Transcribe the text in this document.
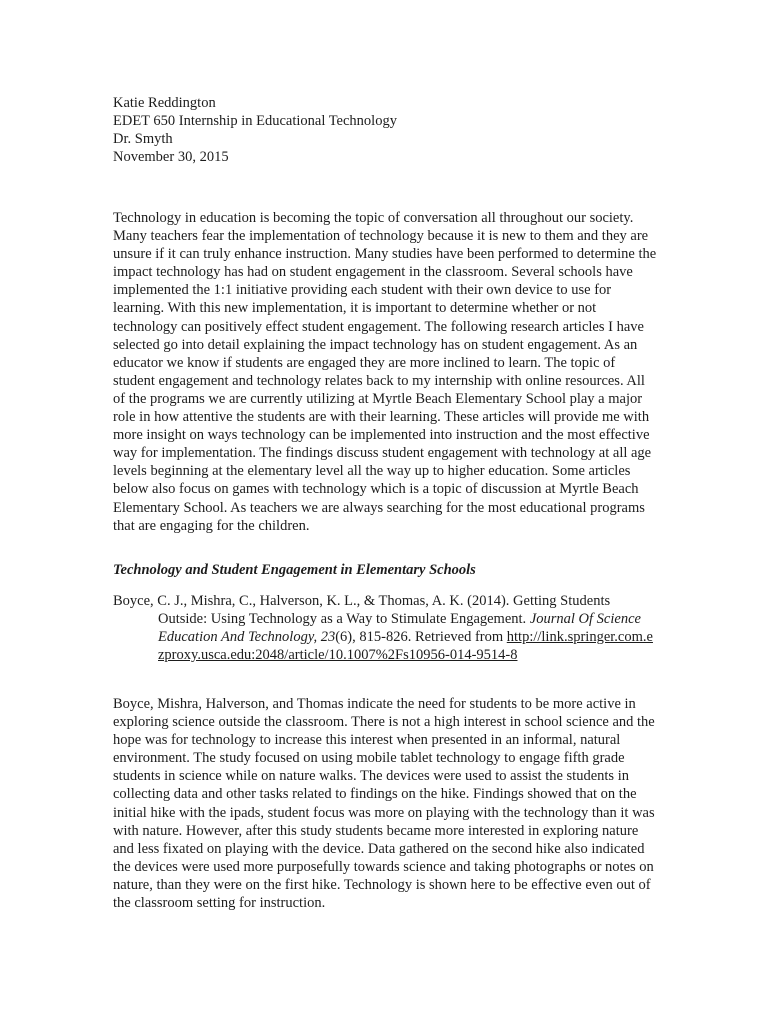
Katie Reddington
EDET 650 Internship in Educational Technology
Dr. Smyth
November 30, 2015

Technology in education is becoming the topic of conversation all throughout our society. Many teachers fear the implementation of technology because it is new to them and they are unsure if it can truly enhance instruction. Many studies have been performed to determine the impact technology has had on student engagement in the classroom. Several schools have implemented the 1:1 initiative providing each student with their own device to use for learning. With this new implementation, it is important to determine whether or not technology can positively effect student engagement. The following research articles I have selected go into detail explaining the impact technology has on student engagement. As an educator we know if students are engaged they are more inclined to learn. The topic of student engagement and technology relates back to my internship with online resources. All of the programs we are currently utilizing at Myrtle Beach Elementary School play a major role in how attentive the students are with their learning. These articles will provide me with more insight on ways technology can be implemented into instruction and the most effective way for implementation. The findings discuss student engagement with technology at all age levels beginning at the elementary level all the way up to higher education. Some articles below also focus on games with technology which is a topic of discussion at Myrtle Beach Elementary School. As teachers we are always searching for the most educational programs that are engaging for the children.

Technology and Student Engagement in Elementary Schools

Boyce, C. J., Mishra, C., Halverson, K. L., & Thomas, A. K. (2014). Getting Students Outside: Using Technology as a Way to Stimulate Engagement. Journal Of Science Education And Technology, 23(6), 815-826. Retrieved from http://link.springer.com.ezproxy.usca.edu:2048/article/10.1007%2Fs10956-014-9514-8

Boyce, Mishra, Halverson, and Thomas indicate the need for students to be more active in exploring science outside the classroom. There is not a high interest in school science and the hope was for technology to increase this interest when presented in an informal, natural environment. The study focused on using mobile tablet technology to engage fifth grade students in science while on nature walks. The devices were used to assist the students in collecting data and other tasks related to findings on the hike. Findings showed that on the initial hike with the ipads, student focus was more on playing with the technology than it was with nature. However, after this study students became more interested in exploring nature and less fixated on playing with the device. Data gathered on the second hike also indicated the devices were used more purposefully towards science and taking photographs or notes on nature, than they were on the first hike. Technology is shown here to be effective even out of the classroom setting for instruction.
